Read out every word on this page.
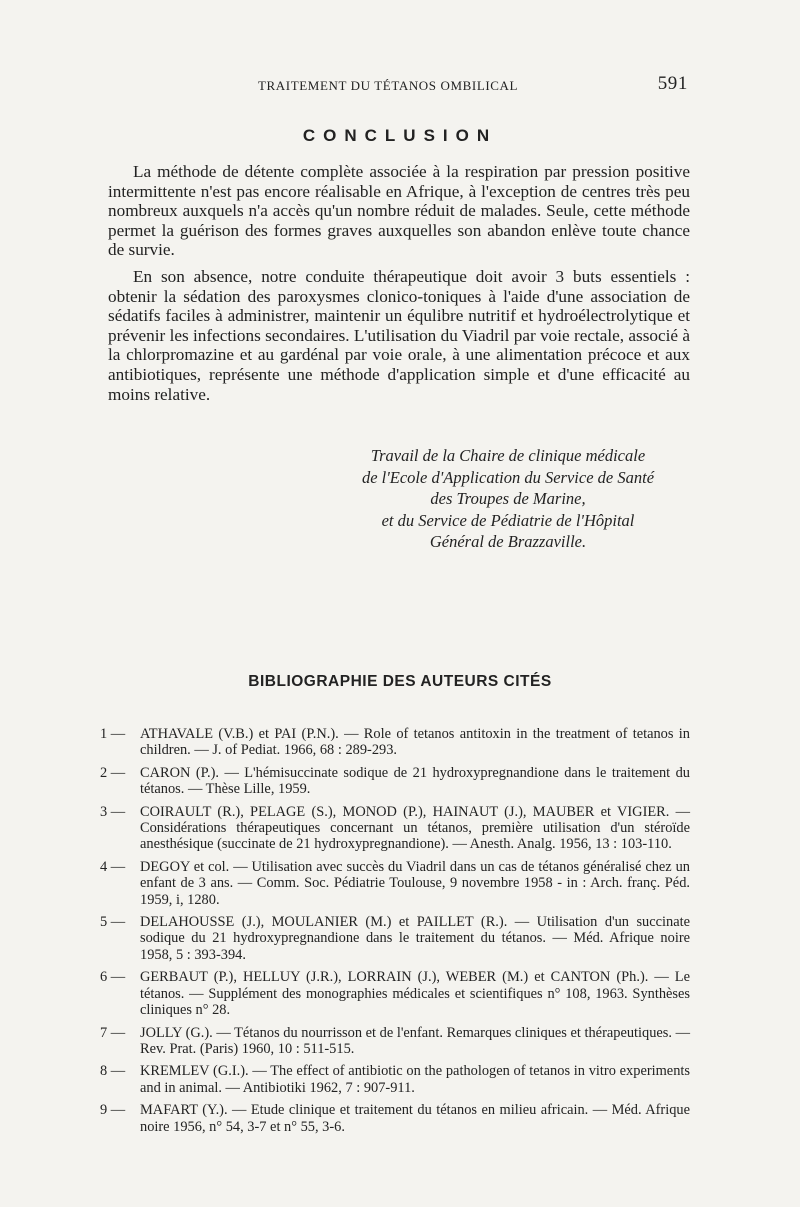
TRAITEMENT DU TÉTANOS OMBILICAL	591
CONCLUSION

La méthode de détente complète associée à la respiration par pression positive intermittente n'est pas encore réalisable en Afrique, à l'exception de centres très peu nombreux auxquels n'a accès qu'un nombre réduit de malades. Seule, cette méthode permet la guérison des formes graves auxquelles son abandon enlève toute chance de survie.

En son absence, notre conduite thérapeutique doit avoir 3 buts essentiels : obtenir la sédation des paroxysmes clonico-toniques à l'aide d'une association de sédatifs faciles à administrer, maintenir un équlibre nutritif et hydroélectrolytique et prévenir les infections secondaires. L'utilisation du Viadril par voie rectale, associé à la chlorpromazine et au gardénal par voie orale, à une alimentation précoce et aux antibiotiques, représente une méthode d'application simple et d'une efficacité au moins relative.

Travail de la Chaire de clinique médicale
de l'Ecole d'Application du Service de Santé
des Troupes de Marine,
et du Service de Pédiatrie de l'Hôpital
Général de Brazzaville.
BIBLIOGRAPHIE DES AUTEURS CITÉS
1 — ATHAVALE (V.B.) et PAI (P.N.). — Role of tetanos antitoxin in the treatment of tetanos in children. — J. of Pediat. 1966, 68 : 289-293.
2 — CARON (P.). — L'hémisuccinate sodique de 21 hydroxypregnandione dans le traitement du tétanos. — Thèse Lille, 1959.
3 — COIRAULT (R.), PELAGE (S.), MONOD (P.), HAINAUT (J.), MAUBER et VIGIER. — Considérations thérapeutiques concernant un tétanos, première utilisation d'un stéroïde anesthésique (succinate de 21 hydroxypregnandione). — Anesth. Analg. 1956, 13 : 103-110.
4 — DEGOY et col. — Utilisation avec succès du Viadril dans un cas de tétanos généralisé chez un enfant de 3 ans. — Comm. Soc. Pédiatrie Toulouse, 9 novembre 1958 - in : Arch. franç. Péd. 1959, i, 1280.
5 — DELAHOUSSE (J.), MOULANIER (M.) et PAILLET (R.). — Utilisation d'un succinate sodique du 21 hydroxypregnandione dans le traitement du tétanos. — Méd. Afrique noire 1958, 5 : 393-394.
6 — GERBAUT (P.), HELLUY (J.R.), LORRAIN (J.), WEBER (M.) et CANTON (Ph.). — Le tétanos. — Supplément des monographies médicales et scientifiques n° 108, 1963. Synthèses cliniques n° 28.
7 — JOLLY (G.). — Tétanos du nourrisson et de l'enfant. Remarques cliniques et thérapeutiques. — Rev. Prat. (Paris) 1960, 10 : 511-515.
8 — KREMLEV (G.I.). — The effect of antibiotic on the pathologen of tetanos in vitro experiments and in animal. — Antibiotiki 1962, 7 : 907-911.
9 — MAFART (Y.). — Etude clinique et traitement du tétanos en milieu africain. — Méd. Afrique noire 1956, n° 54, 3-7 et n° 55, 3-6.
